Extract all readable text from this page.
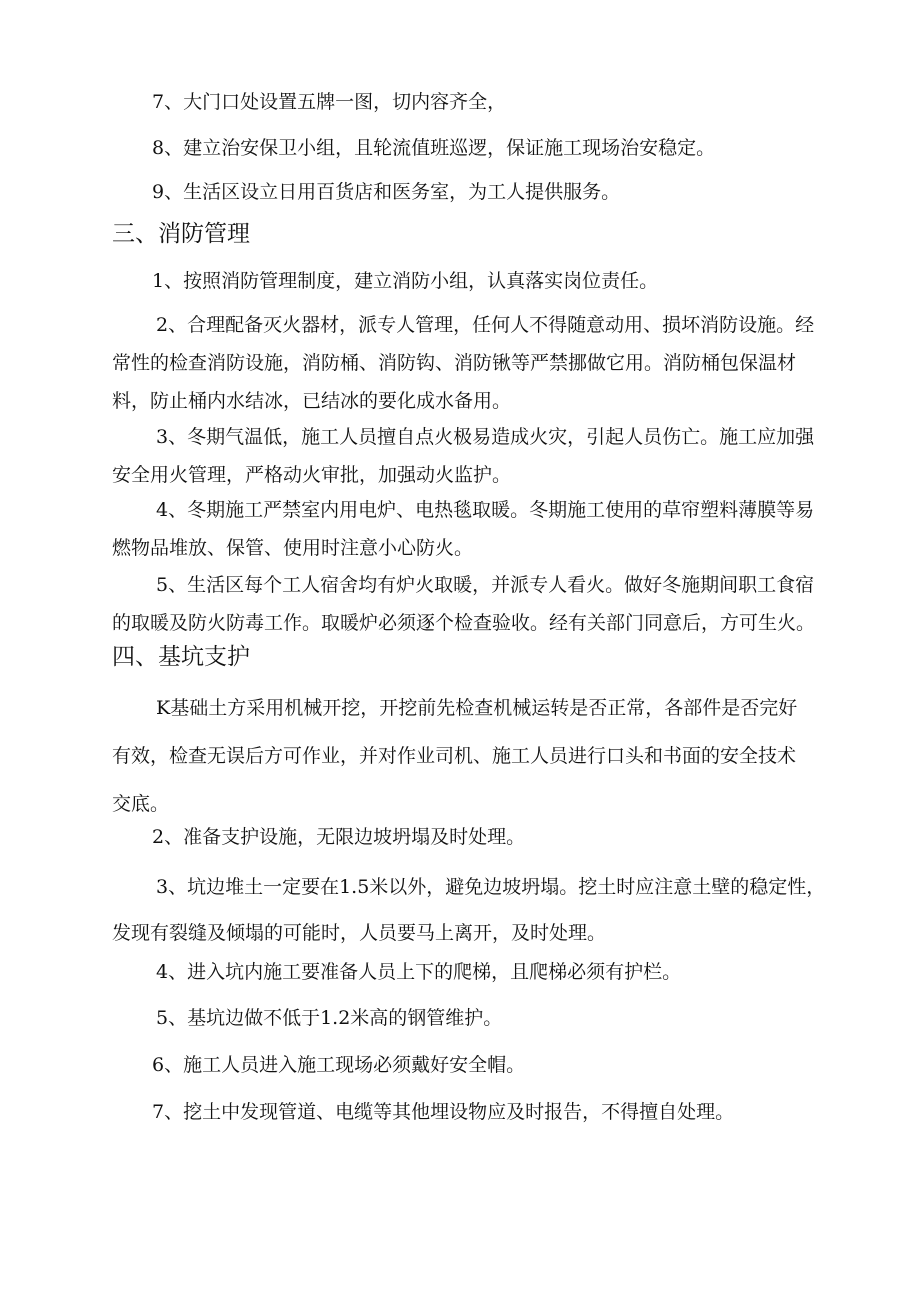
7、大门口处设置五牌一图，切内容齐全，
8、建立治安保卫小组，且轮流值班巡逻，保证施工现场治安稳定。
9、生活区设立日用百货店和医务室，为工人提供服务。
三、消防管理
1、按照消防管理制度，建立消防小组，认真落实岗位责任。
2、合理配备灭火器材，派专人管理，任何人不得随意动用、损坏消防设施。经
常性的检查消防设施，消防桶、消防钩、消防锹等严禁挪做它用。消防桶包保温材
料，防止桶内水结冰，已结冰的要化成水备用。
3、冬期气温低，施工人员擅自点火极易造成火灾，引起人员伤亡。施工应加强
安全用火管理，严格动火审批，加强动火监护。
4、冬期施工严禁室内用电炉、电热毯取暖。冬期施工使用的草帘塑料薄膜等易
燃物品堆放、保管、使用时注意小心防火。
5、生活区每个工人宿舍均有炉火取暖，并派专人看火。做好冬施期间职工食宿
的取暖及防火防毒工作。取暖炉必须逐个检查验收。经有关部门同意后，方可生火。
四、基坑支护
K基础土方采用机械开挖，开挖前先检查机械运转是否正常，各部件是否完好
有效，检查无误后方可作业，并对作业司机、施工人员进行口头和书面的安全技术
交底。
2、准备支护设施，无限边坡坍塌及时处理。
3、坑边堆土一定要在1.5米以外，避免边坡坍塌。挖土时应注意土壁的稳定性，
发现有裂缝及倾塌的可能时，人员要马上离开，及时处理。
4、进入坑内施工要准备人员上下的爬梯，且爬梯必须有护栏。
5、基坑边做不低于1.2米高的钢管维护。
6、施工人员进入施工现场必须戴好安全帽。
7、挖土中发现管道、电缆等其他埋设物应及时报告，不得擅自处理。
